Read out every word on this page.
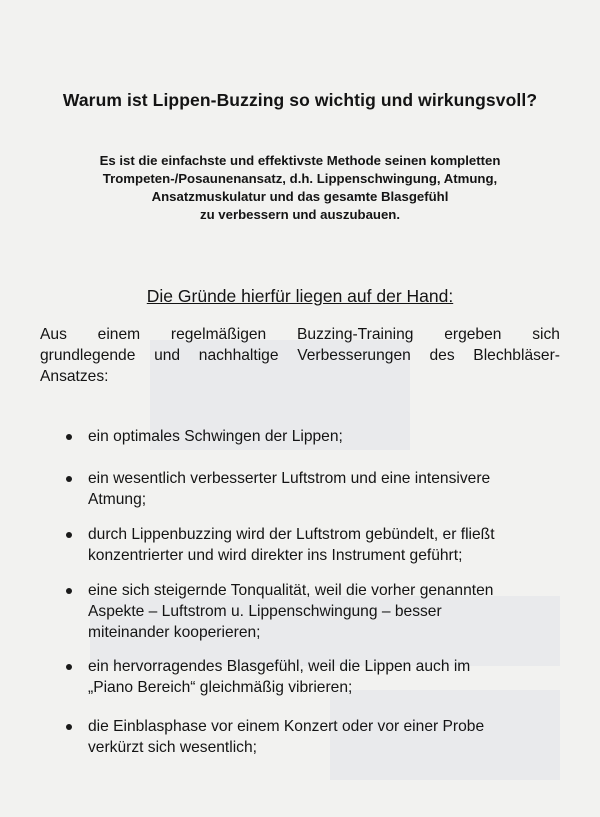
Warum ist Lippen-Buzzing so wichtig und wirkungsvoll?
Es ist die einfachste und effektivste Methode seinen kompletten
Trompeten-/Posaunenansatz, d.h. Lippenschwingung, Atmung,
Ansatzmuskulatur und das gesamte Blasgefühl
zu verbessern und auszubauen.
Die Gründe hierfür liegen auf der Hand:
Aus einem regelmäßigen Buzzing-Training ergeben sich
grundlegende und nachhaltige Verbesserungen des Blechbläser-
Ansatzes:
ein optimales Schwingen der Lippen;
ein wesentlich verbesserter Luftstrom und eine intensivere
Atmung;
durch Lippenbuzzing wird der Luftstrom gebündelt, er fließt
konzentrierter und wird direkter ins Instrument geführt;
eine sich steigernde Tonqualität, weil die vorher genannten
Aspekte – Luftstrom u. Lippenschwingung – besser
miteinander kooperieren;
ein hervorragendes Blasgefühl, weil die Lippen auch im
„Piano Bereich“ gleichmäßig vibrieren;
die Einblasphase vor einem Konzert oder vor einer Probe
verkürzt sich wesentlich;
